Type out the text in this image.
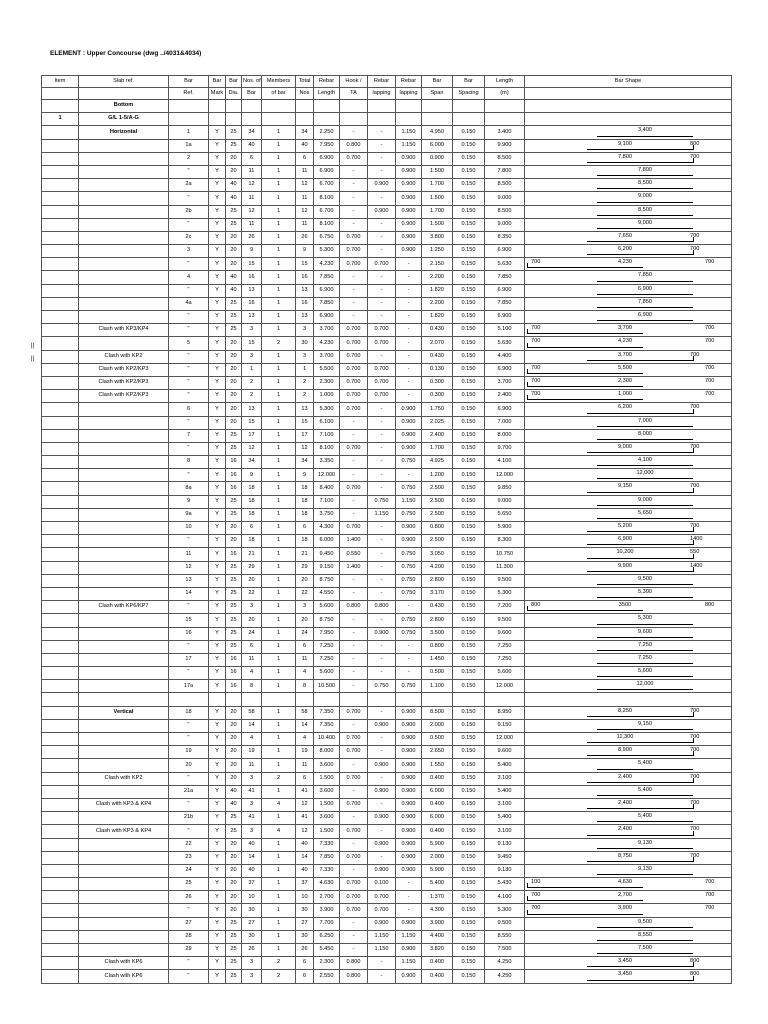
ELEMENT : Upper Concourse (dwg ../4031&4034)
||
||
Item	Slab ref.	Bar	Bar	Bar	Nos. of	Members	Total	Rebar	Hook /	Rebar	Rebar	Bar	Bar	Length	Bar Shape
		Ref.	Mark	Dia.	Bar	of bar	Nos	Length	TA	lapping	lapping	Span	Spacing	(m)	
	Bottom														
1	G/L 1-5/A-G														
	Horizontal	1	Y	25	34	1	34	2.250	-	-	1.150	4.950	0.150	3.400	3,400

		1a	Y	25	40	1	40	7.950	0.800	-	1.150	6.000	0.150	9.900	9,100 800

		2	Y	20	6	1	6	6.900	0.700	-	0.900	0.900	0.150	8.500	7,800 700

		"	Y	20	11	1	11	6.900	-	-	0.900	1.500	0.150	7.800	7,800

		2a	Y	40	12	1	12	6.700	-	0.900	0.900	1.700	0.150	8.500	8,500

		"	Y	40	11	1	11	8.100	-	-	0.900	1.500	0.150	9.000	9,000

		2b	Y	25	12	1	12	6.700	-	0.900	0.900	1.700	0.150	8.500	8,500

		"	Y	25	11	1	11	8.100	-	-	0.900	1.500	0.150	9.000	9,000

		2c	Y	20	26	1	26	6.750	0.700	-	0.900	3.800	0.150	8.350	7,650 700

		3	Y	20	9	1	9	5.300	0.700	-	0.900	1.250	0.150	6.900	6,200 700

		"	Y	20	15	1	15	4.230	0.700	0.700	-	2.150	0.150	5.630	700 4,230 700

		4	Y	40	16	1	16	7.850	-	-	-	2.200	0.150	7.850	7,850

		"	Y	40	13	1	13	6.900	-	-	-	1.820	0.150	6.900	6,900

		4a	Y	25	16	1	16	7.850	-	-	-	2.200	0.150	7.850	7,850

		"	Y	25	13	1	13	6.900	-	-	-	1.820	0.150	6.900	6,900

	Clash with KP3/KP4	"	Y	25	3	1	3	3.700	0.700	0.700	-	0.430	0.150	5.100	700 3,700 700

		5	Y	20	15	2	30	4.230	0.700	0.700	-	2.070	0.150	5.630	700 4,230 700

	Clash with KP2	"	Y	20	3	1	3	3.700	0.700	-	-	0.430	0.150	4.400	3,700 700

	Clash with KP2/KP3	"	Y	20	1	1	1	5.500	0.700	0.700	-	0.130	0.150	6.900	700 5,500 700

	Clash with KP2/KP3	"	Y	20	2	1	2	2.300	0.700	0.700	-	0.300	0.150	3.700	700 2,300 700

	Clash with KP2/KP3	"	Y	20	2	1	2	1.000	0.700	0.700	-	0.300	0.150	2.400	700 1,000 700

		6	Y	20	13	1	13	5.300	0.700	-	0.900	1.750	0.150	6.900	6,200 700

		"	Y	20	15	1	15	6.100	-	-	0.900	2.025	0.150	7.000	7,000

		7	Y	25	17	1	17	7.100	-	-	0.900	2.400	0.150	8.000	8,000

		"	Y	25	12	1	12	8.100	0.700	-	0.900	1.700	0.150	9.700	9,000 700

		8	Y	16	34	1	34	3.350	-	-	0.750	4.925	0.150	4.100	4,100

		"	Y	16	9	1	9	12.000	-	-	-	1.200	0.150	12.000	12,000

		8a	Y	16	18	1	18	8.400	0.700	-	0.750	2.500	0.150	9.850	9,150 700

		9	Y	25	18	1	18	7.100	-	0.750	1.150	2.500	0.150	9.000	9,000

		9a	Y	25	18	1	18	3.750	-	1.150	0.750	2.500	0.150	5.650	5,650

		10	Y	20	6	1	6	4.300	0.700	-	0.900	0.800	0.150	5.900	5,200 700

		"	Y	20	18	1	18	6.000	1.400	-	0.900	2.500	0.150	8.300	6,900 1400

		11	Y	16	21	1	21	9.450	0.550	-	0.750	3.050	0.150	10.750	10,200 550

		12	Y	25	29	1	29	9.150	1.400	-	0.750	4.200	0.150	11.300	9,900 1400

		13	Y	25	20	1	20	8.750	-	-	0.750	2.800	0.150	9.500	9,500

		14	Y	25	22	1	22	4.550	-	-	0.750	3.170	0.150	5.300	5,300

	Clash with KP6/KP7	"	Y	25	3	1	3	5.600	0.800	0.800	-	0.430	0.150	7.200	800 3500 800

		15	Y	25	20	1	20	8.750	-	-	0.750	2.800	0.150	9.500	5,300

		16	Y	25	24	1	24	7.950	-	0.900	0.750	3.500	0.150	9.600	9,600

		"	Y	25	6	1	6	7.250	-	-	-	0.800	0.150	7.250	7,250

		17	Y	16	11	1	11	7.250	-	-	-	1.450	0.150	7.250	7,250

		"	Y	16	4	1	4	5.600	-	-	-	0.500	0.150	5.600	5,600

		17a	Y	16	8	1	8	10.500	-	0.750	0.750	1.100	0.150	12.000	12,000

	Vertical	18	Y	20	58	1	58	7.350	0.700	-	0.900	8.500	0.150	8.950	8,250 700

		"	Y	20	14	1	14	7.350	-	0.900	0.900	2.000	0.150	9.150	9,150

		"	Y	20	4	1	4	10.400	0.700	-	0.900	0.500	0.150	12.000	11,300 700

		19	Y	20	19	1	19	8.000	0.700	-	0.900	2.650	0.150	9.600	8,900 700

		20	Y	20	11	1	11	3.600	-	0.900	0.900	1.550	0.150	5.400	5,400

	Clash with KP2	"	Y	20	3	2	6	1.500	0.700	-	0.900	0.400	0.150	3.100	2,400 700

		21a	Y	40	41	1	41	3.600	-	0.900	0.900	6.000	0.150	5.400	5,400

	Clash with KP3 & KP4	"	Y	40	3	4	12	1.500	0.700	-	0.900	0.400	0.150	3.100	2,400 700

		21b	Y	25	41	1	41	3.600	-	0.900	0.900	6.000	0.150	5.400	5,400

	Clash with KP3 & KP4	"	Y	25	3	4	12	1.500	0.700	-	0.900	0.400	0.150	3.100	2,400 700

		22	Y	20	40	1	40	7.330	-	0.900	0.900	5.900	0.150	9.130	9,130

		23	Y	20	14	1	14	7.850	0.700	-	0.900	2.000	0.150	9.450	8,750 700

		24	Y	20	40	1	40	7.330	-	0.900	0.900	5.900	0.150	9.130	9,130

		25	Y	20	37	1	37	4.630	0.700	0.100	-	5.400	0.150	5.430	100 4,630 700

		26	Y	20	10	1	10	2.700	0.700	0.700	-	1.370	0.150	4.100	700 2,700 700

		"	Y	20	30	1	30	3.900	0.700	0.700	-	4.300	0.150	5.300	700 3,900 700

		27	Y	25	27	1	27	7.700	-	0.900	0.900	3.900	0.150	9.500	9,500

		28	Y	25	30	1	30	6.250	-	1.150	1.150	4.400	0.150	8.550	8,550

		29	Y	25	26	1	26	5.450	-	1.150	0.900	3.820	0.150	7.500	7,500

	Clash with KP6	"	Y	25	3	2	6	2.300	0.800	-	1.150	0.400	0.150	4.250	3,450 800

	Clash with KP6	"	Y	25	3	2	6	2.550	0.800	-	0.900	0.400	0.150	4.250	3,450 800
